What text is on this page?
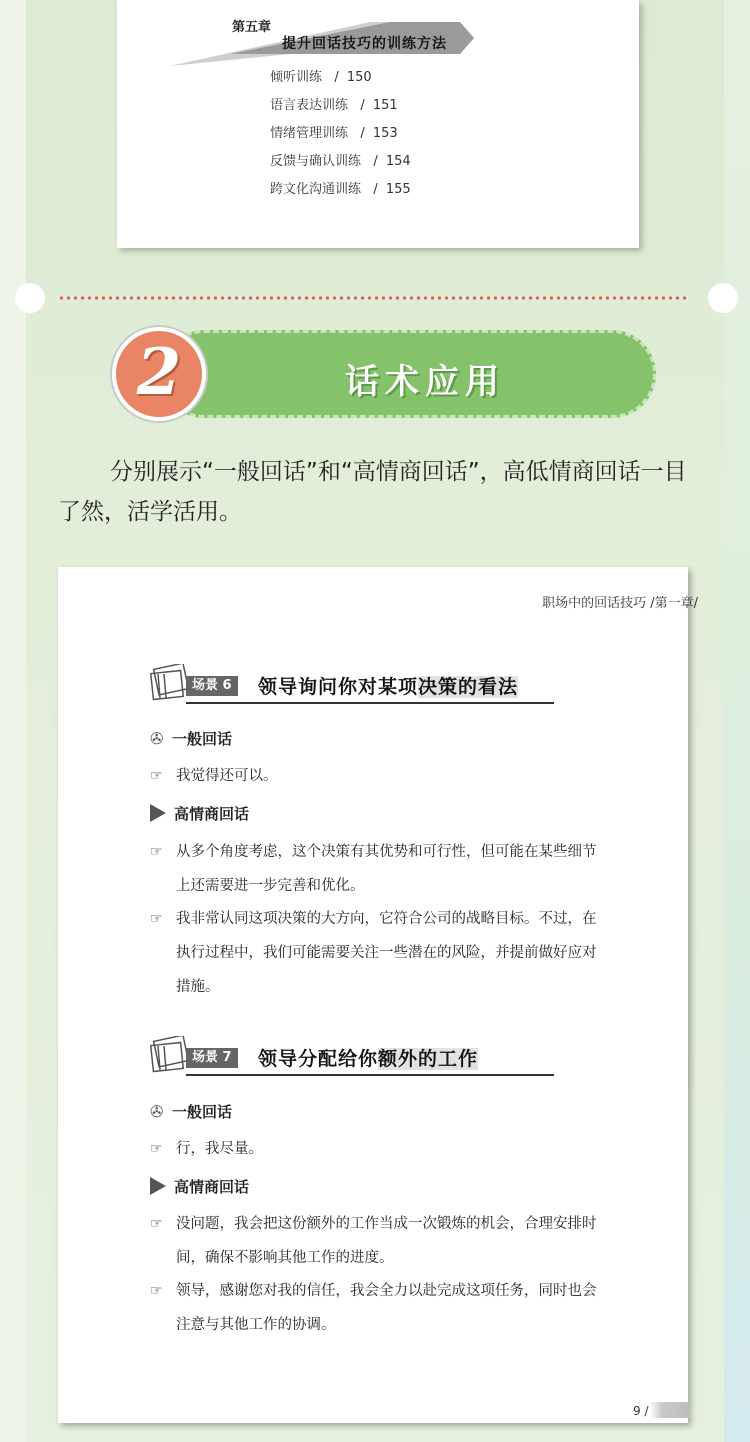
第五章
提升回话技巧的训练方法
倾听训练 / 150
语言表达训练 / 151
情绪管理训练 / 153
反馈与确认训练 / 154
跨文化沟通训练 / 155
话术应用
2
分别展示“一般回话”和“高情商回话”，高低情商回话一目了然，活学活用。
职场中的回话技巧 /第一章/
场景 6	领导询问你对某项决策的看法
✇ 一般回话
☞ 我觉得还可以。
高情商回话
☞ 从多个角度考虑，这个决策有其优势和可行性，但可能在某些细节上还需要进一步完善和优化。
☞ 我非常认同这项决策的大方向，它符合公司的战略目标。不过，在执行过程中，我们可能需要关注一些潜在的风险，并提前做好应对措施。
场景 7	领导分配给你额外的工作
✇ 一般回话
☞ 行，我尽量。
高情商回话
☞ 没问题，我会把这份额外的工作当成一次锻炼的机会，合理安排时间，确保不影响其他工作的进度。
☞ 领导，感谢您对我的信任，我会全力以赴完成这项任务，同时也会注意与其他工作的协调。
9 /
